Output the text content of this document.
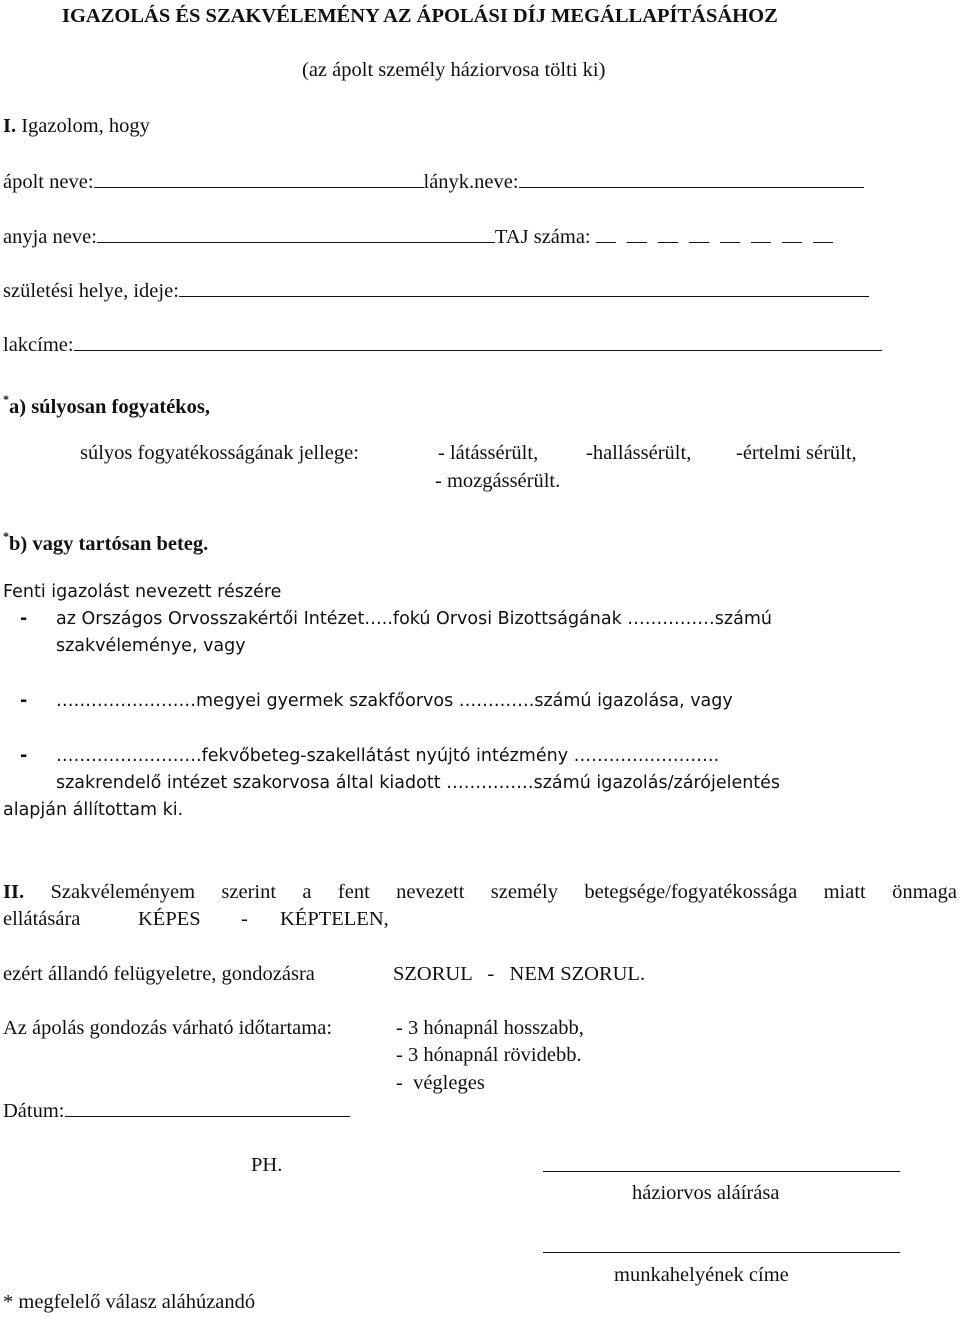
IGAZOLÁS ÉS SZAKVÉLEMÉNY AZ ÁPOLÁSI DÍJ MEGÁLLAPÍTÁSÁHOZ
(az ápolt személy háziorvosa tölti ki)
I. Igazolom, hogy
ápolt neve:	lányk.neve:
anyja neve:	TAJ száma:
születési helye, ideje:
lakcíme:
*a) súlyosan fogyatékos,
súlyos fogyatékosságának jellege:	- látássérült, -hallássérült, -értelmi sérült,
- mozgássérült.
*b) vagy tartósan beteg.
Fenti igazolást nevezett részére
- az Országos Orvosszakértői Intézet…..fokú Orvosi Bizottságának ……………számú
szakvéleménye, vagy
- ……………………megyei gyermek szakfőorvos ………….számú igazolása, vagy
- …………………….fekvőbeteg-szakellátást nyújtó intézmény …………………….
szakrendelő intézet szakorvosa által kiadott ……………számú igazolás/zárójelentés
alapján állítottam ki.
II. Szakvéleményem szerint a fent nevezett személy betegsége/fogyatékossága miatt önmaga
ellátására	KÉPES - KÉPTELEN,
ezért állandó felügyeletre, gondozásra	SZORUL   -   NEM SZORUL.
Az ápolás gondozás várható időtartama:	- 3 hónapnál hosszabb,
- 3 hónapnál rövidebb.
-  végleges
Dátum:
PH.
háziorvos aláírása
munkahelyének címe
* megfelelő válasz aláhúzandó
